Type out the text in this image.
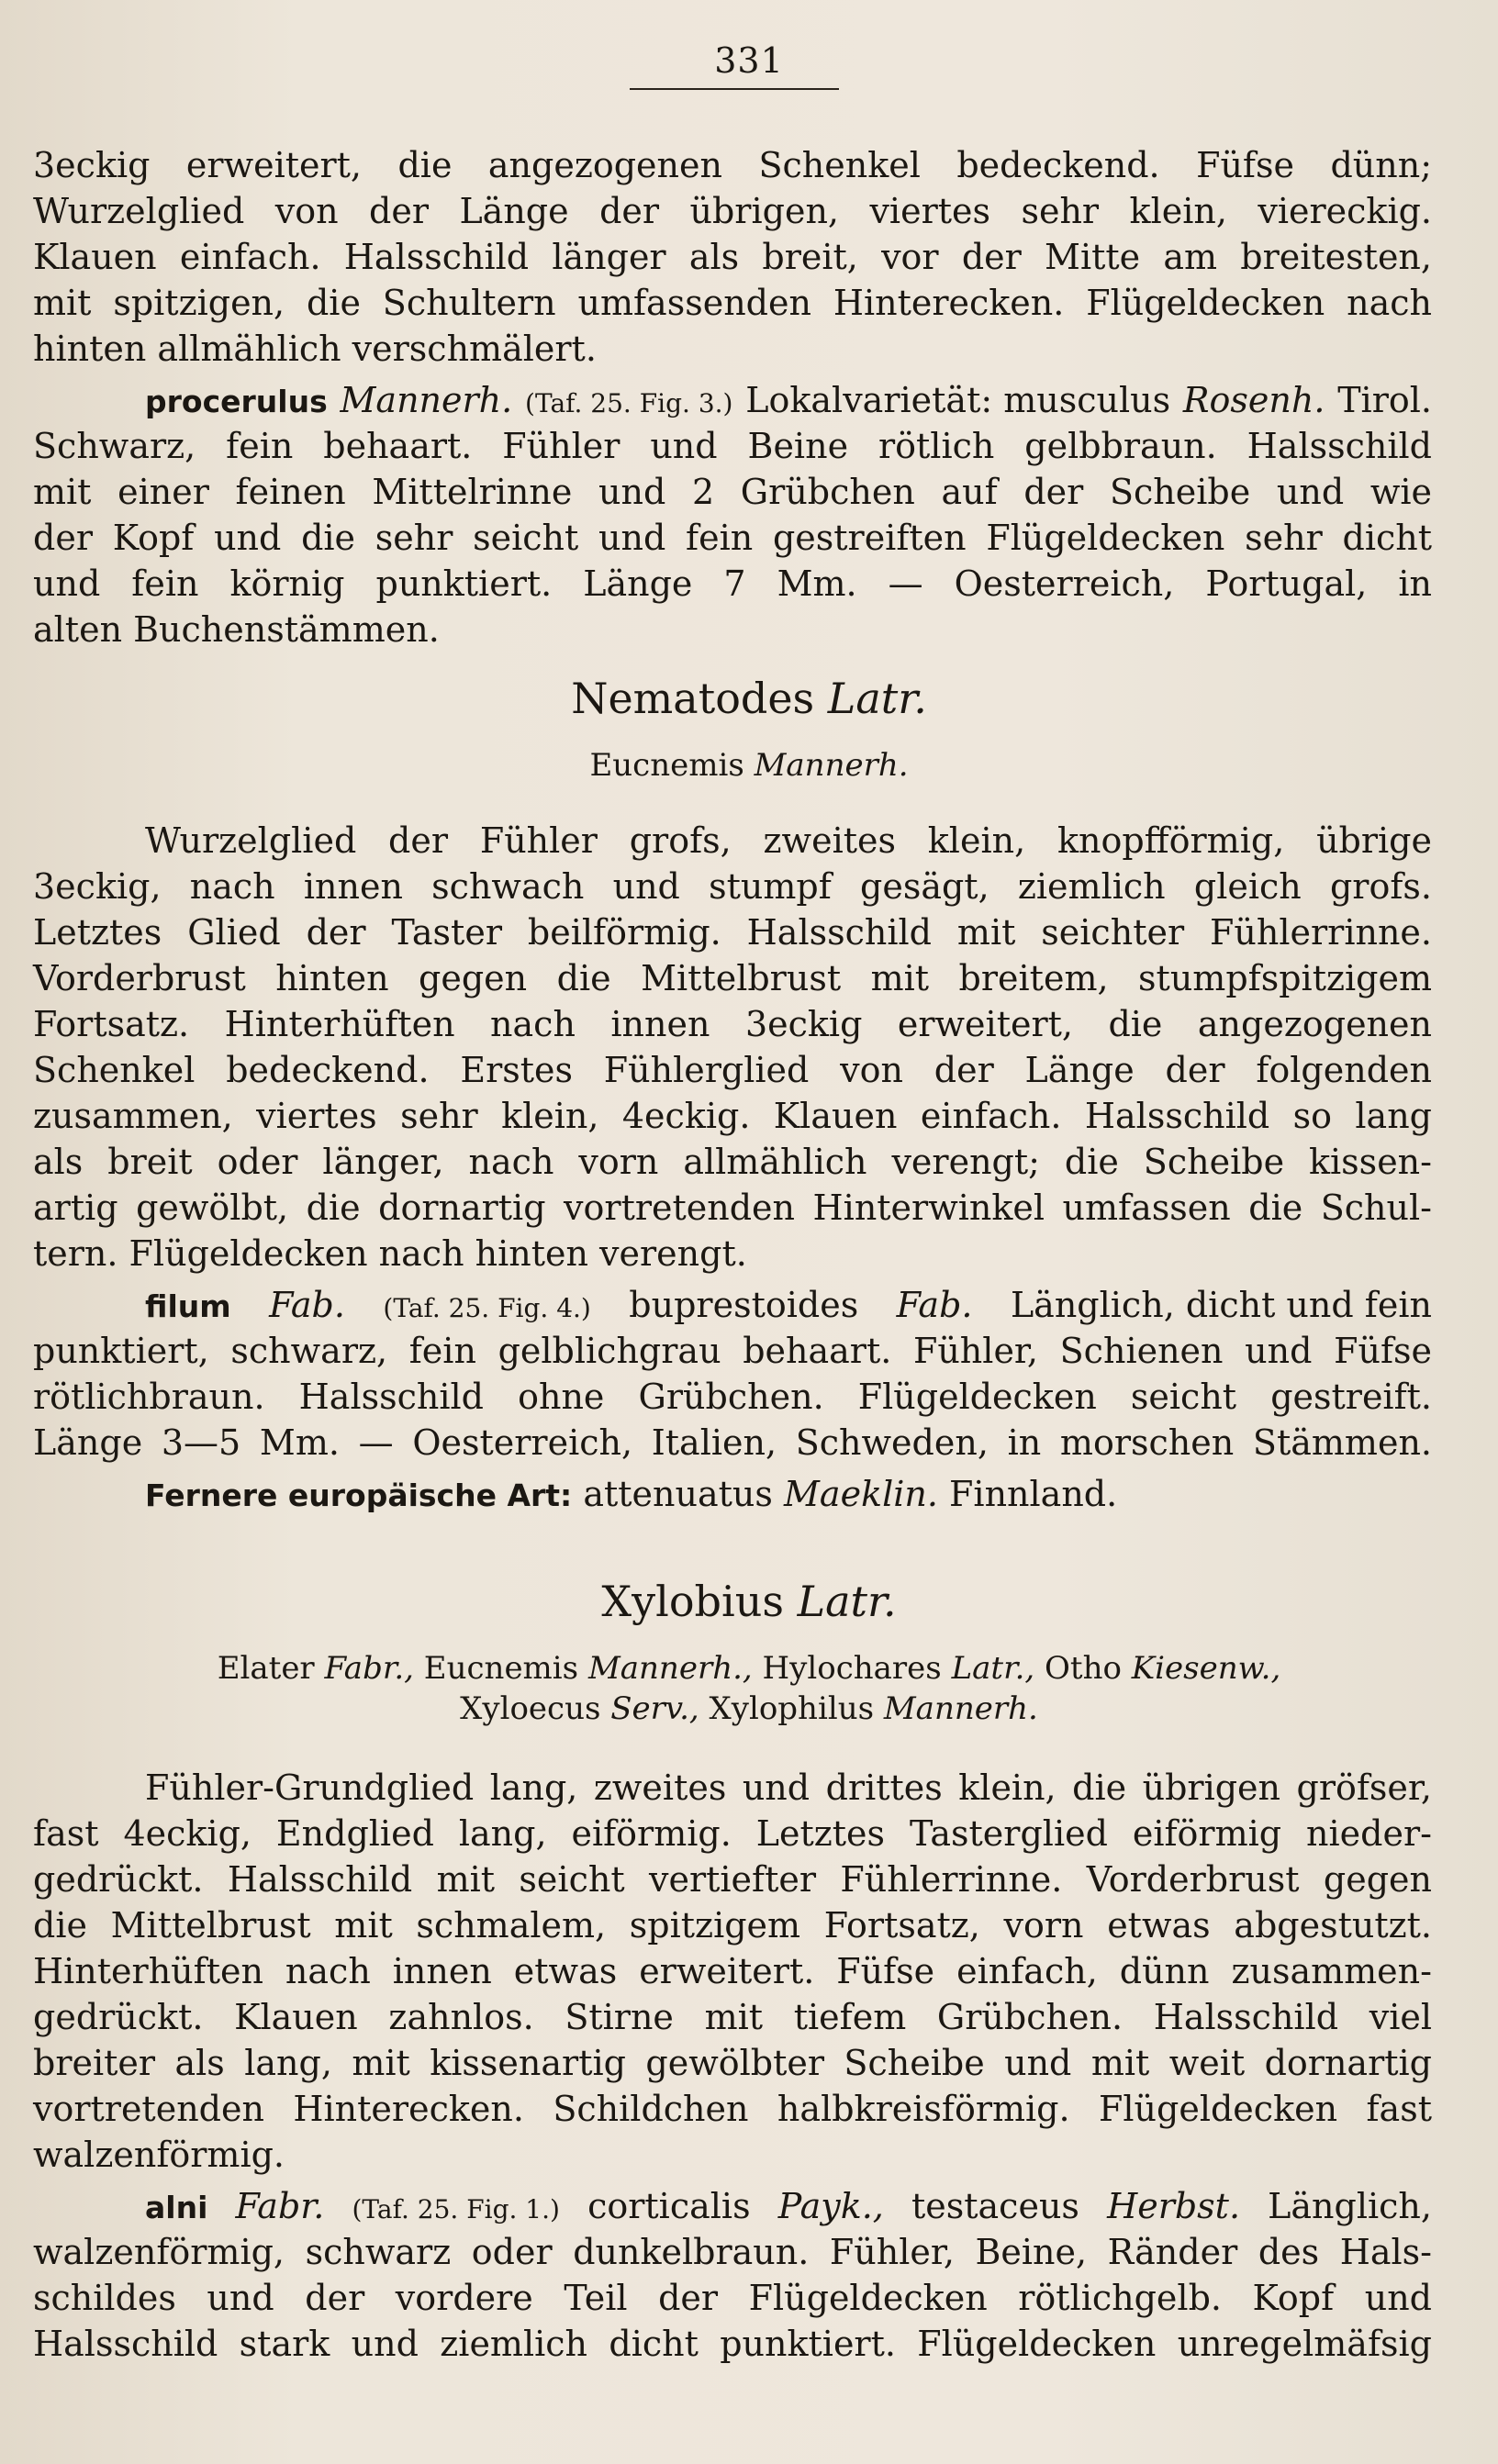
331
3eckig erweitert, die angezogenen Schenkel bedeckend. Füfse dünn;
Wurzelglied von der Länge der übrigen, viertes sehr klein, viereckig.
Klauen einfach. Halsschild länger als breit, vor der Mitte am breitesten,
mit spitzigen, die Schultern umfassenden Hinterecken. Flügeldecken nach
hinten allmählich verschmälert.
procerulus Mannerh. (Taf. 25. Fig. 3.) Lokalvarietät: musculus Rosenh. Tirol.
Schwarz, fein behaart. Fühler und Beine rötlich gelbbraun. Halsschild
mit einer feinen Mittelrinne und 2 Grübchen auf der Scheibe und wie
der Kopf und die sehr seicht und fein gestreiften Flügeldecken sehr dicht
und fein körnig punktiert. Länge 7 Mm. — Oesterreich, Portugal, in
alten Buchenstämmen.
Nematodes Latr.
Eucnemis Mannerh.
Wurzelglied der Fühler grofs, zweites klein, knopfförmig, übrige
3eckig, nach innen schwach und stumpf gesägt, ziemlich gleich grofs.
Letztes Glied der Taster beilförmig. Halsschild mit seichter Fühlerrinne.
Vorderbrust hinten gegen die Mittelbrust mit breitem, stumpfspitzigem
Fortsatz. Hinterhüften nach innen 3eckig erweitert, die angezogenen
Schenkel bedeckend. Erstes Fühlerglied von der Länge der folgenden
zusammen, viertes sehr klein, 4eckig. Klauen einfach. Halsschild so lang
als breit oder länger, nach vorn allmählich verengt; die Scheibe kissen-
artig gewölbt, die dornartig vortretenden Hinterwinkel umfassen die Schul-
tern. Flügeldecken nach hinten verengt.
filum Fab. (Taf. 25. Fig. 4.) buprestoides Fab. Länglich, dicht und fein
punktiert, schwarz, fein gelblichgrau behaart. Fühler, Schienen und Füfse
rötlichbraun. Halsschild ohne Grübchen. Flügeldecken seicht gestreift.
Länge 3—5 Mm. — Oesterreich, Italien, Schweden, in morschen Stämmen.
Fernere europäische Art: attenuatus Maeklin. Finnland.
Xylobius Latr.
Elater Fabr., Eucnemis Mannerh., Hylochares Latr., Otho Kiesenw.,
Xyloecus Serv., Xylophilus Mannerh.
Fühler-Grundglied lang, zweites und drittes klein, die übrigen gröfser,
fast 4eckig, Endglied lang, eiförmig. Letztes Tasterglied eiförmig nieder-
gedrückt. Halsschild mit seicht vertiefter Fühlerrinne. Vorderbrust gegen
die Mittelbrust mit schmalem, spitzigem Fortsatz, vorn etwas abgestutzt.
Hinterhüften nach innen etwas erweitert. Füfse einfach, dünn zusammen-
gedrückt. Klauen zahnlos. Stirne mit tiefem Grübchen. Halsschild viel
breiter als lang, mit kissenartig gewölbter Scheibe und mit weit dornartig
vortretenden Hinterecken. Schildchen halbkreisförmig. Flügeldecken fast
walzenförmig.
alni Fabr. (Taf. 25. Fig. 1.) corticalis Payk., testaceus Herbst. Länglich,
walzenförmig, schwarz oder dunkelbraun. Fühler, Beine, Ränder des Hals-
schildes und der vordere Teil der Flügeldecken rötlichgelb. Kopf und
Halsschild stark und ziemlich dicht punktiert. Flügeldecken unregelmäfsig
